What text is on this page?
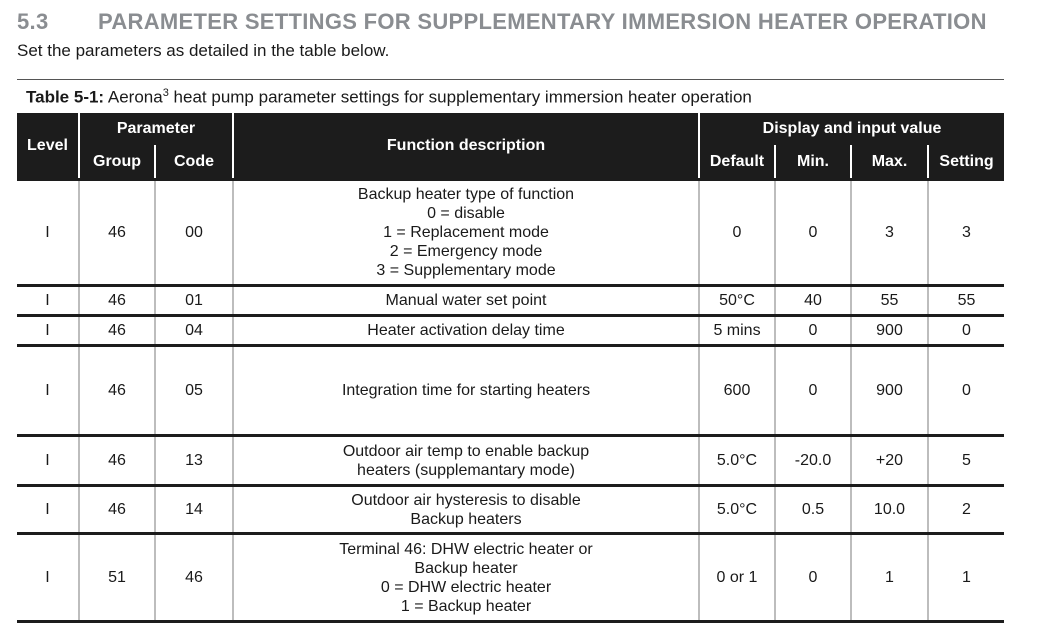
5.3 PARAMETER SETTINGS FOR SUPPLEMENTARY IMMERSION HEATER OPERATION
Set the parameters as detailed in the table below.
Table 5-1: Aerona$^3$ heat pump parameter settings for supplementary immersion heater operation
Level	Parameter		Function description	Display and input value			
	Group	Code		Default	Min.	Max.	Setting
I	46	00	Backup heater type of function
0 = disable
1 = Replacement mode
2 = Emergency mode
3 = Supplementary mode	0	0	3	3
I	46	01	Manual water set point	50°C	40	55	55
I	46	04	Heater activation delay time	5 mins	0	900	0
I	46	05	Integration time for starting heaters	600	0	900	0
I	46	13	Outdoor air temp to enable backup
heaters (supplemantary mode)	5.0°C	-20.0	+20	5
I	46	14	Outdoor air hysteresis to disable
Backup heaters	5.0°C	0.5	10.0	2
I	51	46	Terminal 46: DHW electric heater or
Backup heater
0 = DHW electric heater
1 = Backup heater	0 or 1	0	1	1
